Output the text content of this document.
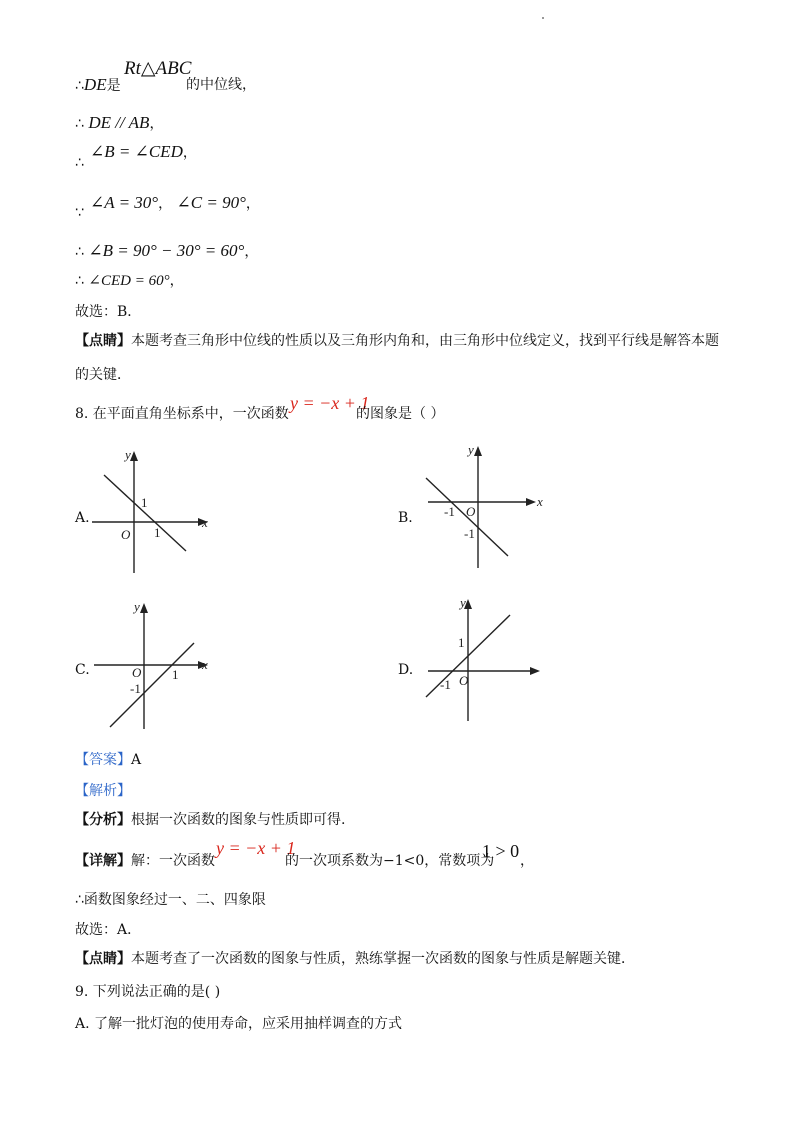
∴DE是
Rt△ABC
的中位线，
∴ DE // AB，
∴
∠B = ∠CED，
∵
∠A = 30°， ∠C = 90°，
∴ ∠B = 90° − 30° = 60°，
∴ ∠CED = 60°，
故选：B．
【点睛】本题考查三角形中位线的性质以及三角形内角和，由三角形中位线定义，找到平行线是解答本题
的关键．
8. 在平面直角坐标系中，一次函数
y = −x + 1
的图象是（ ）
A.	x
y
O 1
1
B.
x
y
O
-1
-1
C.	x
y
O 1
-1
D.
y
O
1
-1
【答案】A
【解析】
【分析】根据一次函数的图象与性质即可得.
【详解】解：一次函数
y = −x + 1
的一次项系数为−1<0，常数项为
1 > 0 ，
∴函数图象经过一、二、四象限
故选：A．
【点睛】本题考查了一次函数的图象与性质，熟练掌握一次函数的图象与性质是解题关键．
9. 下列说法正确的是( )
A. 了解一批灯泡的使用寿命，应采用抽样调查的方式
